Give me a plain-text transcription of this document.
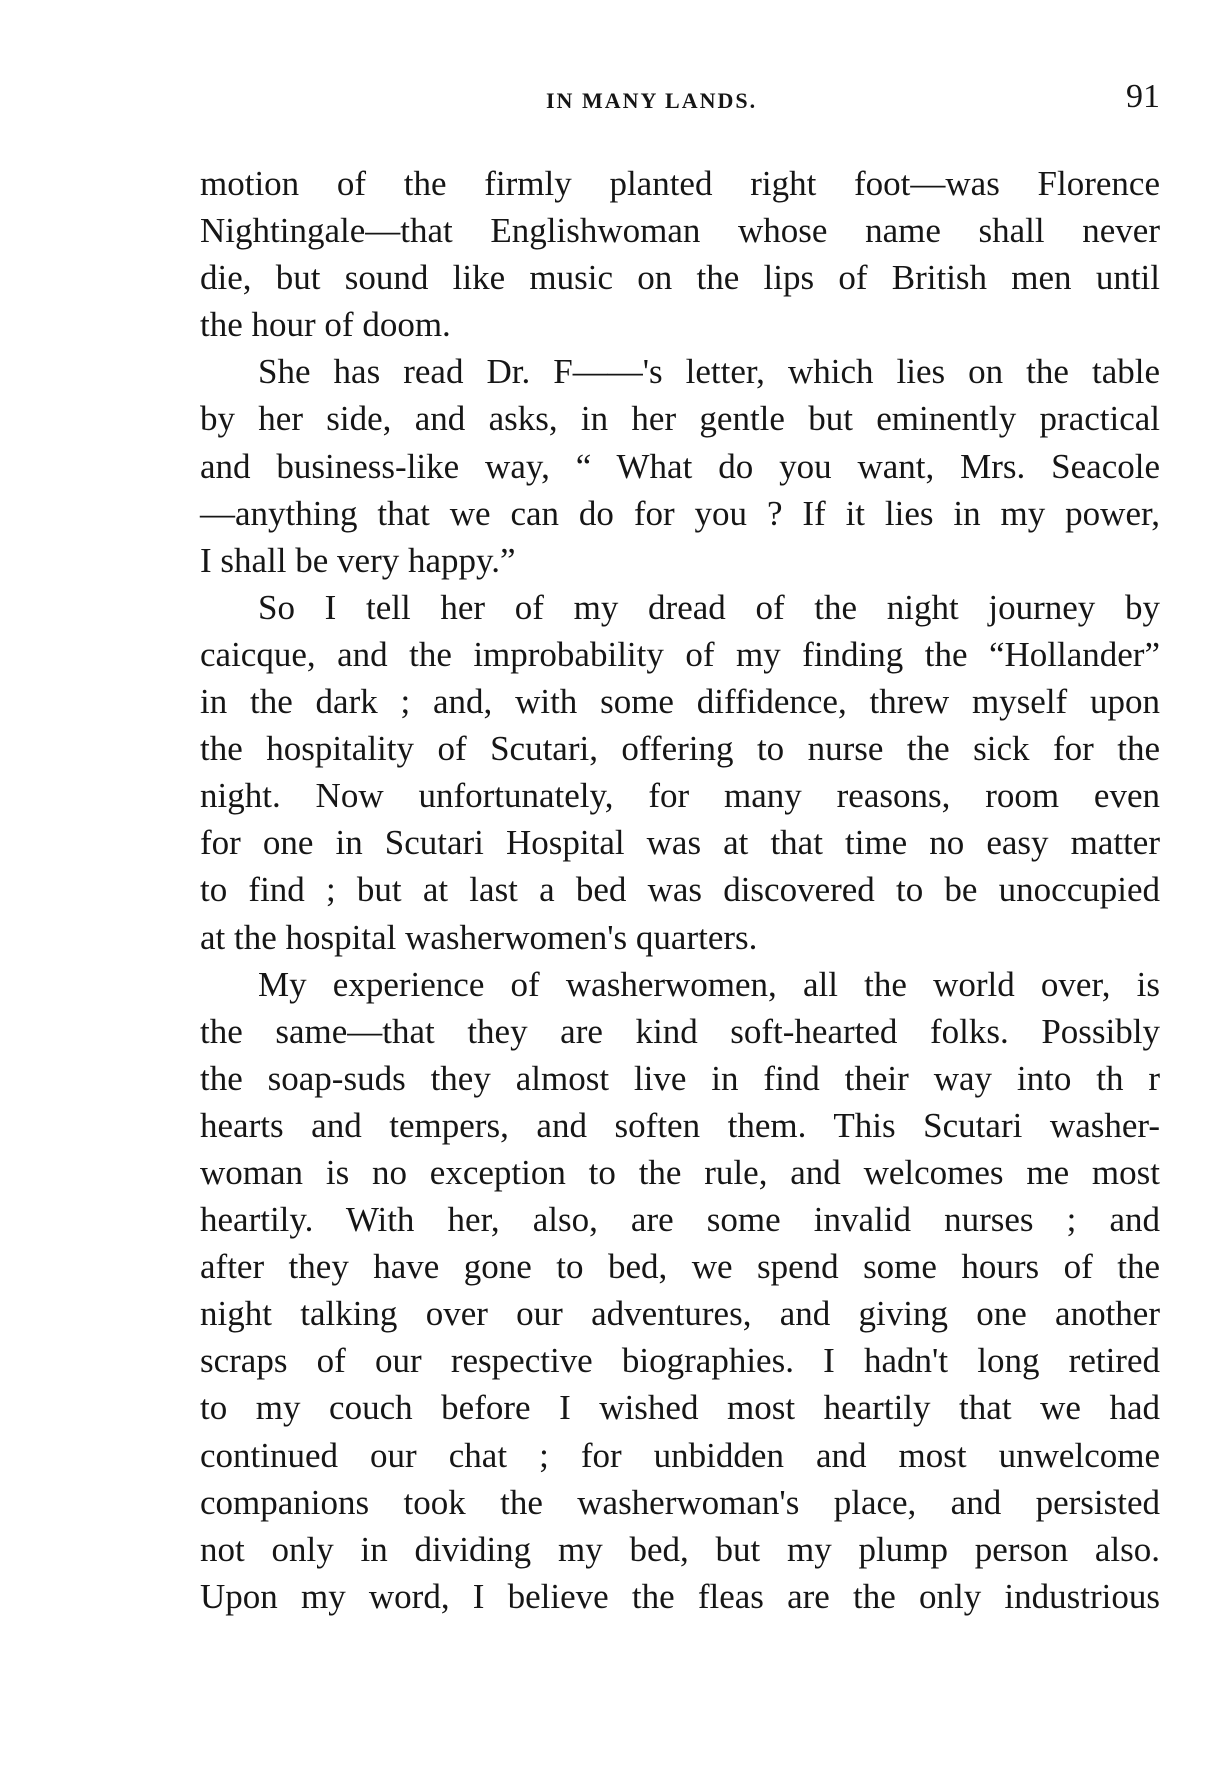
IN MANY LANDS.	91
motion of the firmly planted right foot—was Florence
Nightingale—that Englishwoman whose name shall never
die, but sound like music on the lips of British men until
the hour of doom.
She has read Dr. F——'s letter, which lies on the table
by her side, and asks, in her gentle but eminently practical
and business-like way, “ What do you want, Mrs. Seacole
—anything that we can do for you ? If it lies in my power,
I shall be very happy.”
So I tell her of my dread of the night journey by
caicque, and the improbability of my finding the “Hollander”
in the dark ; and, with some diffidence, threw myself upon
the hospitality of Scutari, offering to nurse the sick for the
night. Now unfortunately, for many reasons, room even
for one in Scutari Hospital was at that time no easy matter
to find ; but at last a bed was discovered to be unoccupied
at the hospital washerwomen's quarters.
My experience of washerwomen, all the world over, is
the same—that they are kind soft-hearted folks. Possibly
the soap-suds they almost live in find their way into th r
hearts and tempers, and soften them. This Scutari washer-
woman is no exception to the rule, and welcomes me most
heartily. With her, also, are some invalid nurses ; and
after they have gone to bed, we spend some hours of the
night talking over our adventures, and giving one another
scraps of our respective biographies. I hadn't long retired
to my couch before I wished most heartily that we had
continued our chat ; for unbidden and most unwelcome
companions took the washerwoman's place, and persisted
not only in dividing my bed, but my plump person also.
Upon my word, I believe the fleas are the only industrious
